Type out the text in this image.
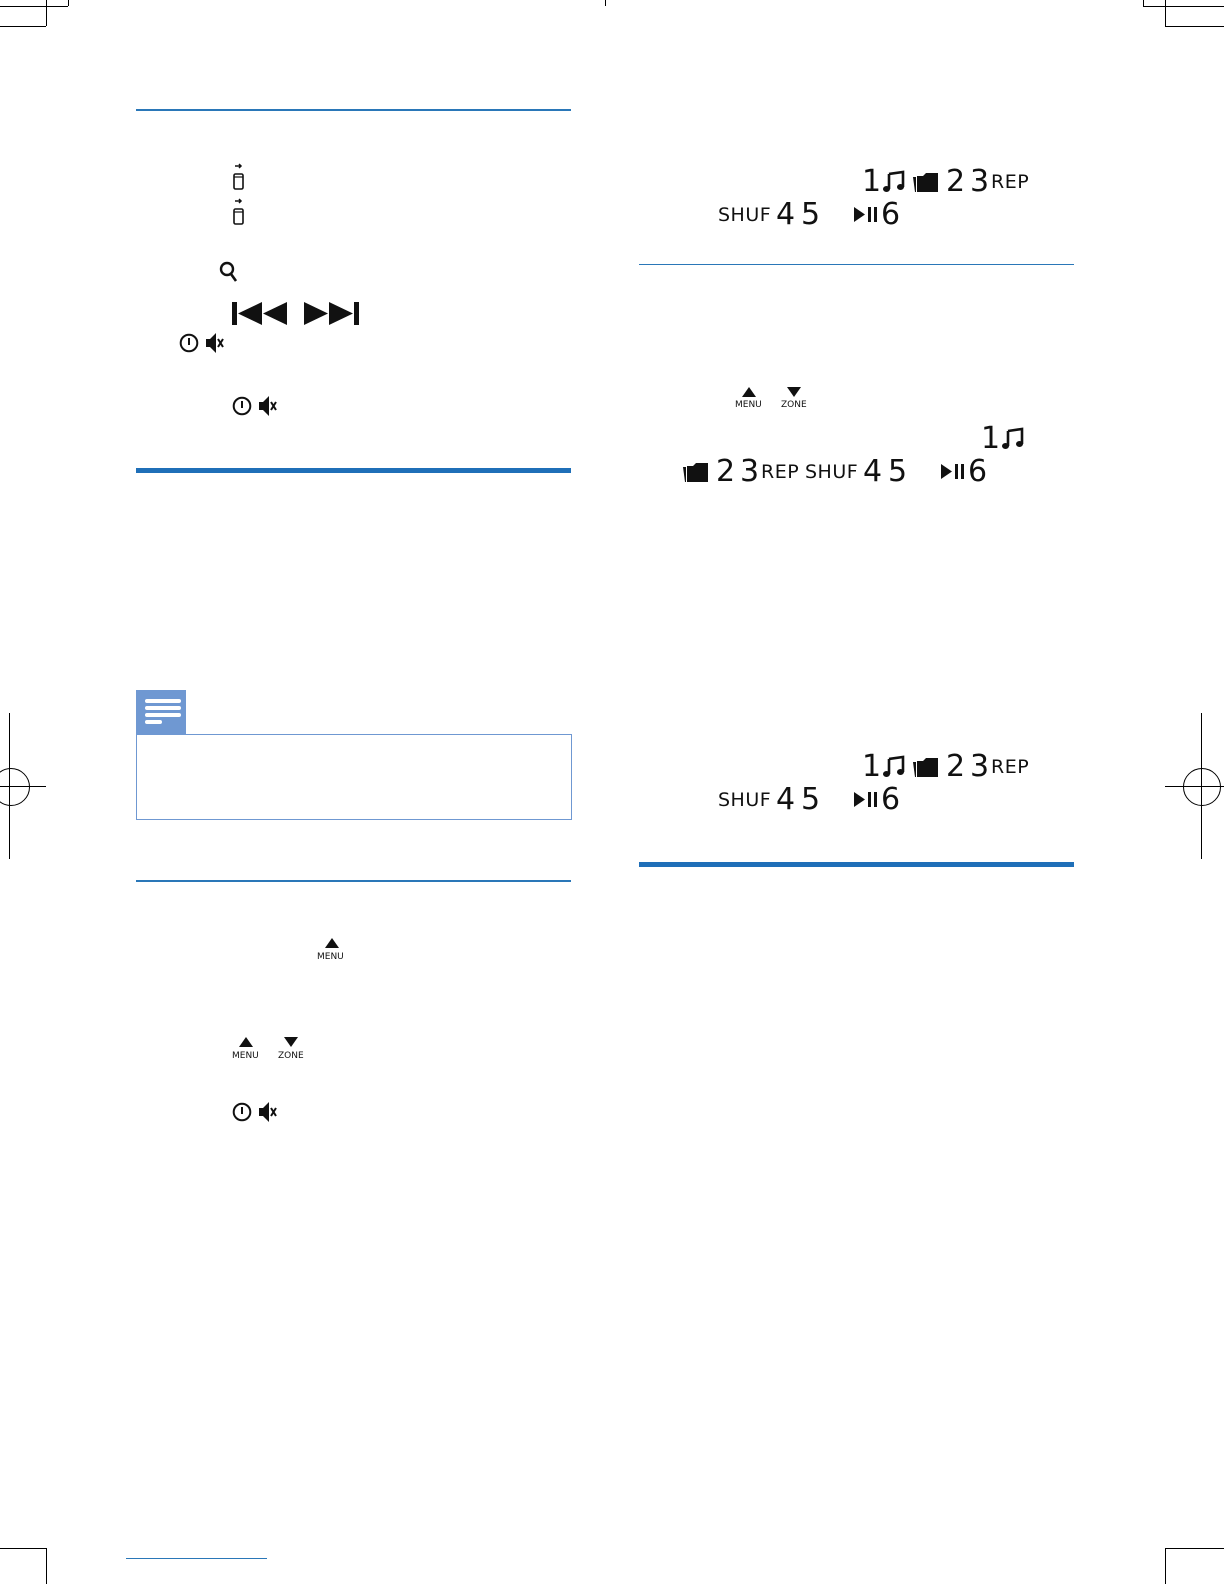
MENU
MENU ZONE
1 2 3 REP
SHUF 4 5 6
MENU ZONE
1
2 3 REP SHUF 4 5 6
1 2 3 REP
SHUF 4 5 6
